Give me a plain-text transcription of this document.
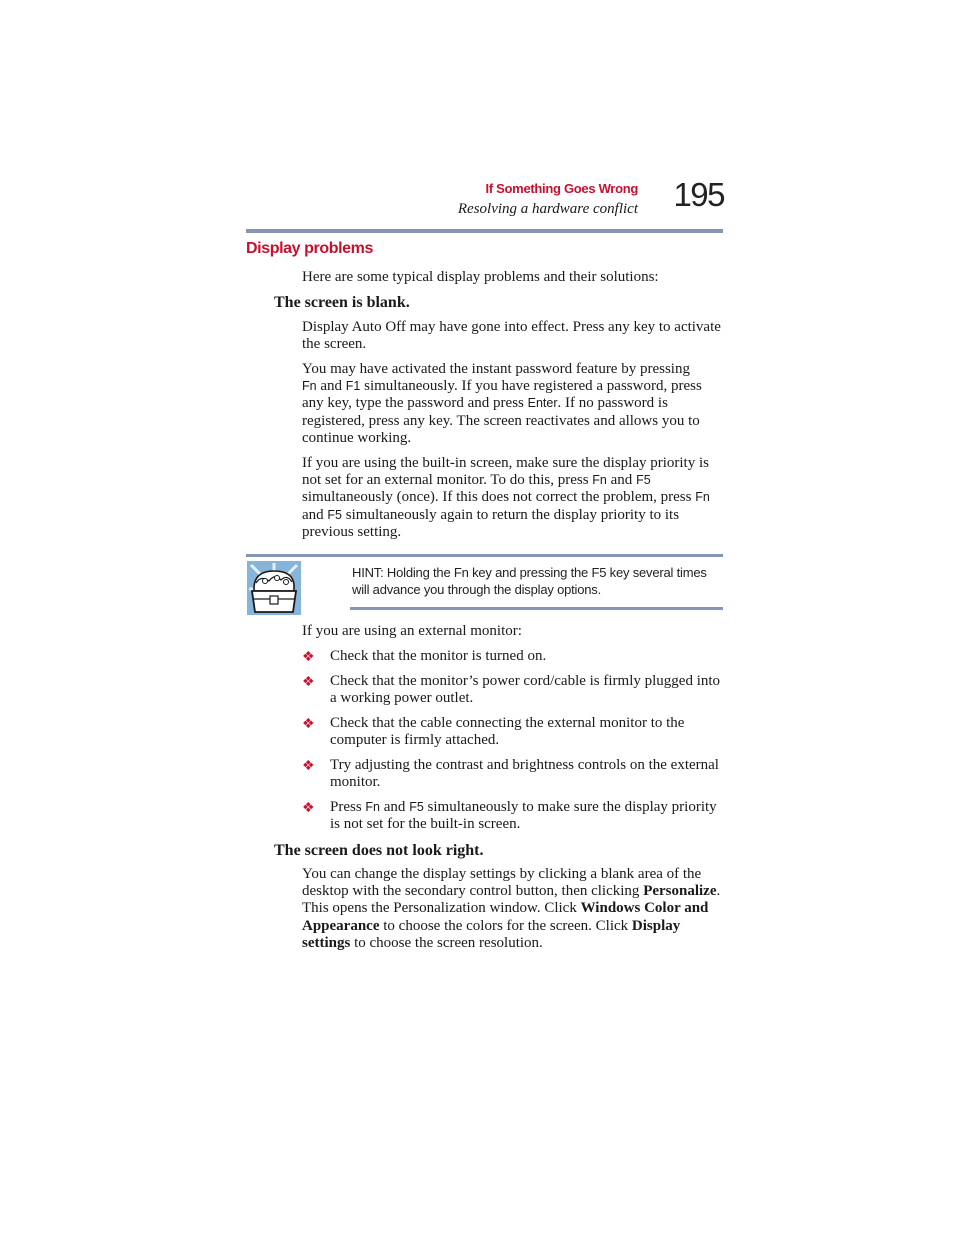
If Something Goes Wrong
Resolving a hardware conflict 195
Display problems

Here are some typical display problems and their solutions:

The screen is blank.

Display Auto Off may have gone into effect. Press any key to activate the screen.

You may have activated the instant password feature by pressing
Fn and F1 simultaneously. If you have registered a password, press any key, type the password and press Enter. If no password is registered, press any key. The screen reactivates and allows you to continue working.

If you are using the built-in screen, make sure the display priority is not set for an external monitor. To do this, press Fn and F5 simultaneously (once). If this does not correct the problem, press Fn and F5 simultaneously again to return the display priority to its previous setting.

HINT: Holding the Fn key and pressing the F5 key several times will advance you through the display options.

If you are using an external monitor:

❖ Check that the monitor is turned on.

❖ Check that the monitor’s power cord/cable is firmly plugged into a working power outlet.

❖ Check that the cable connecting the external monitor to the computer is firmly attached.

❖ Try adjusting the contrast and brightness controls on the external monitor.

❖ Press Fn and F5 simultaneously to make sure the display priority is not set for the built-in screen.

The screen does not look right.

You can change the display settings by clicking a blank area of the desktop with the secondary control button, then clicking Personalize. This opens the Personalization window. Click Windows Color and Appearance to choose the colors for the screen. Click Display settings to choose the screen resolution.
